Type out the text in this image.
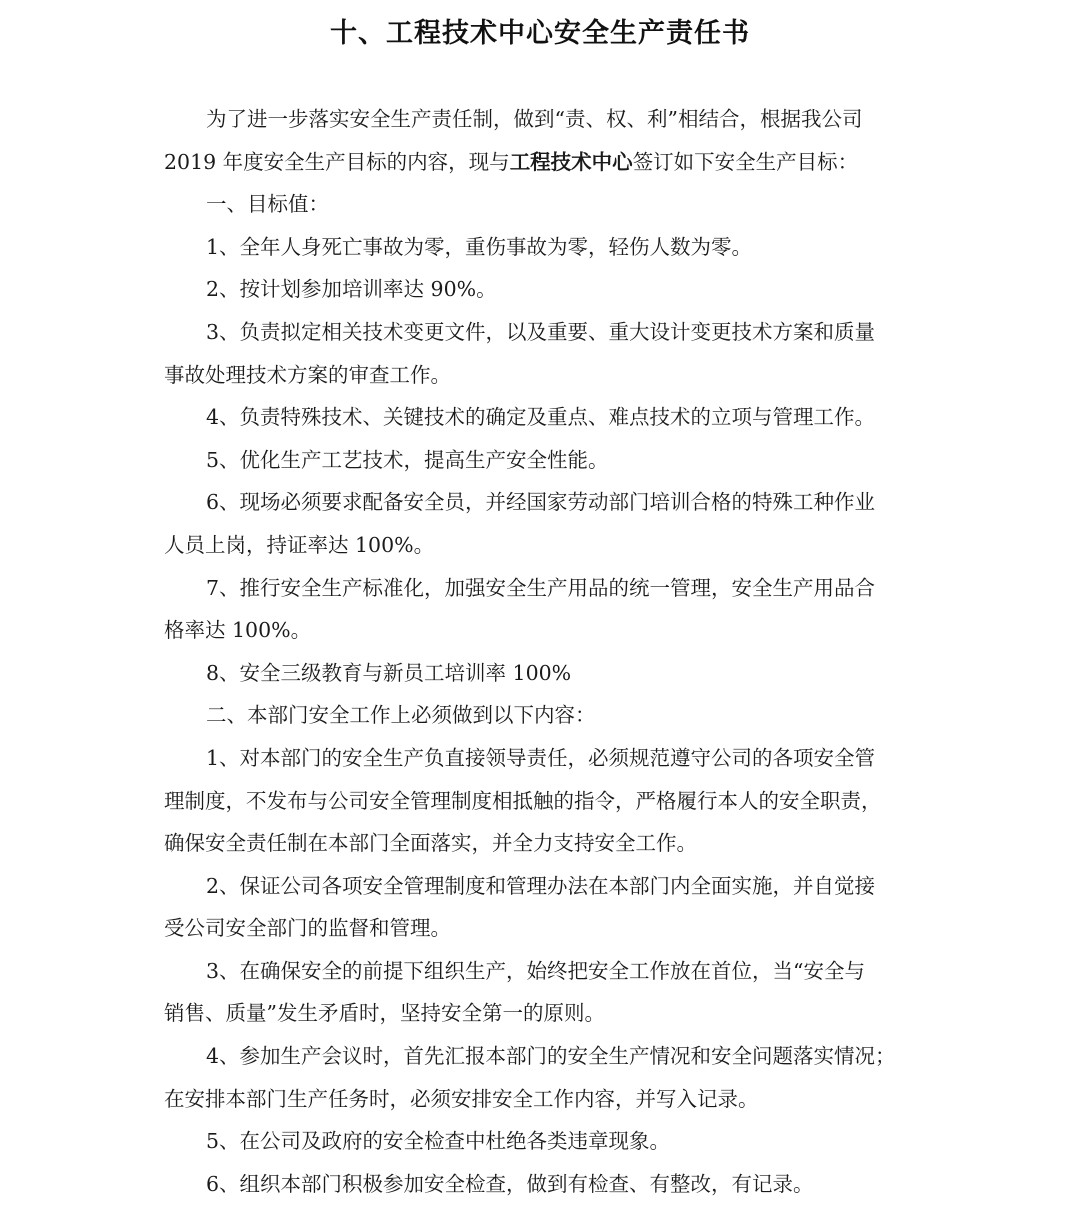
十、工程技术中心安全生产责任书
为了进一步落实安全生产责任制，做到“责、权、利”相结合，根据我公司
2019 年度安全生产目标的内容，现与工程技术中心签订如下安全生产目标：
一、目标值：
1、全年人身死亡事故为零，重伤事故为零，轻伤人数为零。
2、按计划参加培训率达 90%。
3、负责拟定相关技术变更文件，以及重要、重大设计变更技术方案和质量
事故处理技术方案的审查工作。
4、负责特殊技术、关键技术的确定及重点、难点技术的立项与管理工作。
5、优化生产工艺技术，提高生产安全性能。
6、现场必须要求配备安全员，并经国家劳动部门培训合格的特殊工种作业
人员上岗，持证率达 100%。
7、推行安全生产标准化，加强安全生产用品的统一管理，安全生产用品合
格率达 100%。
8、安全三级教育与新员工培训率 100%
二、本部门安全工作上必须做到以下内容：
1、对本部门的安全生产负直接领导责任，必须规范遵守公司的各项安全管
理制度，不发布与公司安全管理制度相抵触的指令，严格履行本人的安全职责，
确保安全责任制在本部门全面落实，并全力支持安全工作。
2、保证公司各项安全管理制度和管理办法在本部门内全面实施，并自觉接
受公司安全部门的监督和管理。
3、在确保安全的前提下组织生产，始终把安全工作放在首位，当“安全与
销售、质量”发生矛盾时，坚持安全第一的原则。
4、参加生产会议时，首先汇报本部门的安全生产情况和安全问题落实情况；
在安排本部门生产任务时，必须安排安全工作内容，并写入记录。
5、在公司及政府的安全检查中杜绝各类违章现象。
6、组织本部门积极参加安全检查，做到有检查、有整改，有记录。
